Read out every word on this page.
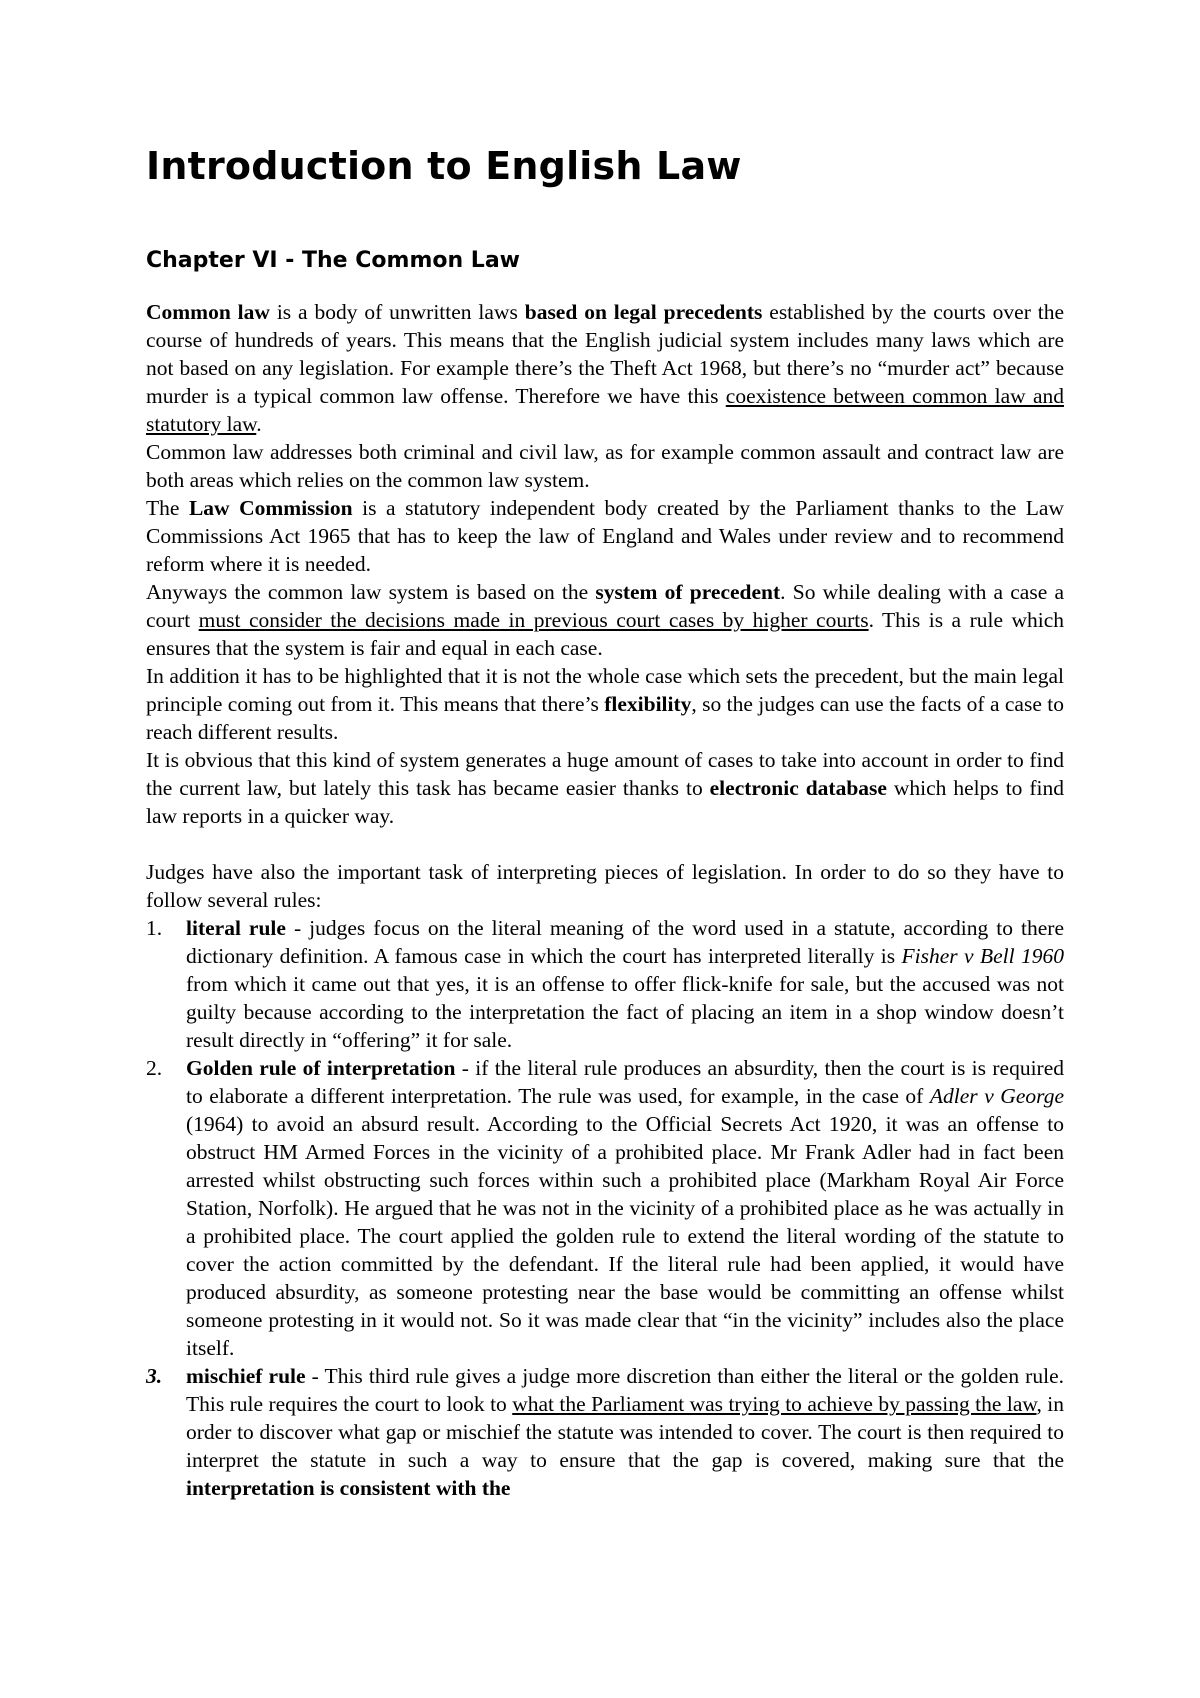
Introduction to English Law
Chapter VI - The Common Law

Common law is a body of unwritten laws based on legal precedents established by the courts over the course of hundreds of years. This means that the English judicial system includes many laws which are not based on any legislation. For example there’s the Theft Act 1968, but there’s no “murder act” because murder is a typical common law offense. Therefore we have this coexistence between common law and statutory law.

Common law addresses both criminal and civil law, as for example common assault and contract law are both areas which relies on the common law system.

The Law Commission is a statutory independent body created by the Parliament thanks to the Law Commissions Act 1965 that has to keep the law of England and Wales under review and to recommend reform where it is needed.

Anyways the common law system is based on the system of precedent. So while dealing with a case a court must consider the decisions made in previous court cases by higher courts. This is a rule which ensures that the system is fair and equal in each case.

In addition it has to be highlighted that it is not the whole case which sets the precedent, but the main legal principle coming out from it. This means that there’s flexibility, so the judges can use the facts of a case to reach different results.

It is obvious that this kind of system generates a huge amount of cases to take into account in order to find the current law, but lately this task has became easier thanks to electronic database which helps to find law reports in a quicker way.

Judges have also the important task of interpreting pieces of legislation. In order to do so they have to follow several rules:

1. literal rule - judges focus on the literal meaning of the word used in a statute, according to there dictionary definition. A famous case in which the court has interpreted literally is Fisher v Bell 1960 from which it came out that yes, it is an offense to offer flick-knife for sale, but the accused was not guilty because according to the interpretation the fact of placing an item in a shop window doesn’t result directly in “offering” it for sale.
2. Golden rule of interpretation - if the literal rule produces an absurdity, then the court is is required to elaborate a different interpretation. The rule was used, for example, in the case of Adler v George (1964) to avoid an absurd result. According to the Official Secrets Act 1920, it was an offense to obstruct HM Armed Forces in the vicinity of a prohibited place. Mr Frank Adler had in fact been arrested whilst obstructing such forces within such a prohibited place (Markham Royal Air Force Station, Norfolk). He argued that he was not in the vicinity of a prohibited place as he was actually in a prohibited place. The court applied the golden rule to extend the literal wording of the statute to cover the action committed by the defendant. If the literal rule had been applied, it would have produced absurdity, as someone protesting near the base would be committing an offense whilst someone protesting in it would not. So it was made clear that “in the vicinity” includes also the place itself.
3. mischief rule - This third rule gives a judge more discretion than either the literal or the golden rule. This rule requires the court to look to what the Parliament was trying to achieve by passing the law, in order to discover what gap or mischief the statute was intended to cover. The court is then required to interpret the statute in such a way to ensure that the gap is covered, making sure that the interpretation is consistent with the
